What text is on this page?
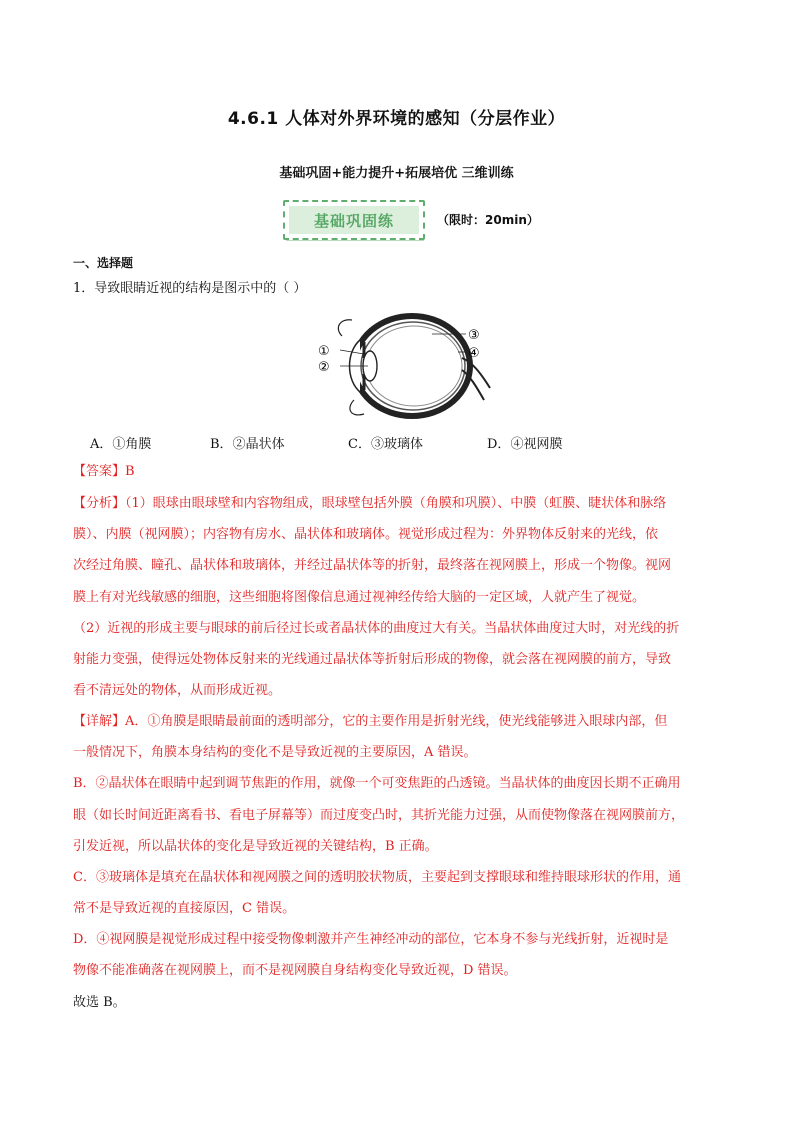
4.6.1 人体对外界环境的感知（分层作业）
基础巩固+能力提升+拓展培优 三维训练
基础巩固练	（限时：20min）
一、选择题
1．导致眼睛近视的结构是图示中的（ ）
①
②
③
④
A．①角膜	B．②晶状体	C．③玻璃体	D．④视网膜
【答案】B
【分析】（1）眼球由眼球壁和内容物组成，眼球壁包括外膜（角膜和巩膜）、中膜（虹膜、睫状体和脉络
膜）、内膜（视网膜）；内容物有房水、晶状体和玻璃体。视觉形成过程为：外界物体反射来的光线，依
次经过角膜、瞳孔、晶状体和玻璃体，并经过晶状体等的折射，最终落在视网膜上，形成一个物像。视网
膜上有对光线敏感的细胞，这些细胞将图像信息通过视神经传给大脑的一定区域，人就产生了视觉。
（2）近视的形成主要与眼球的前后径过长或者晶状体的曲度过大有关。当晶状体曲度过大时，对光线的折
射能力变强，使得远处物体反射来的光线通过晶状体等折射后形成的物像，就会落在视网膜的前方，导致
看不清远处的物体，从而形成近视。
【详解】A．①角膜是眼睛最前面的透明部分，它的主要作用是折射光线，使光线能够进入眼球内部，但
一般情况下，角膜本身结构的变化不是导致近视的主要原因，A 错误。
B．②晶状体在眼睛中起到调节焦距的作用，就像一个可变焦距的凸透镜。当晶状体的曲度因长期不正确用
眼（如长时间近距离看书、看电子屏幕等）而过度变凸时，其折光能力过强，从而使物像落在视网膜前方，
引发近视，所以晶状体的变化是导致近视的关键结构，B 正确。
C．③玻璃体是填充在晶状体和视网膜之间的透明胶状物质，主要起到支撑眼球和维持眼球形状的作用，通
常不是导致近视的直接原因，C 错误。
D．④视网膜是视觉形成过程中接受物像刺激并产生神经冲动的部位，它本身不参与光线折射，近视时是
物像不能准确落在视网膜上，而不是视网膜自身结构变化导致近视，D 错误。
故选 B。
